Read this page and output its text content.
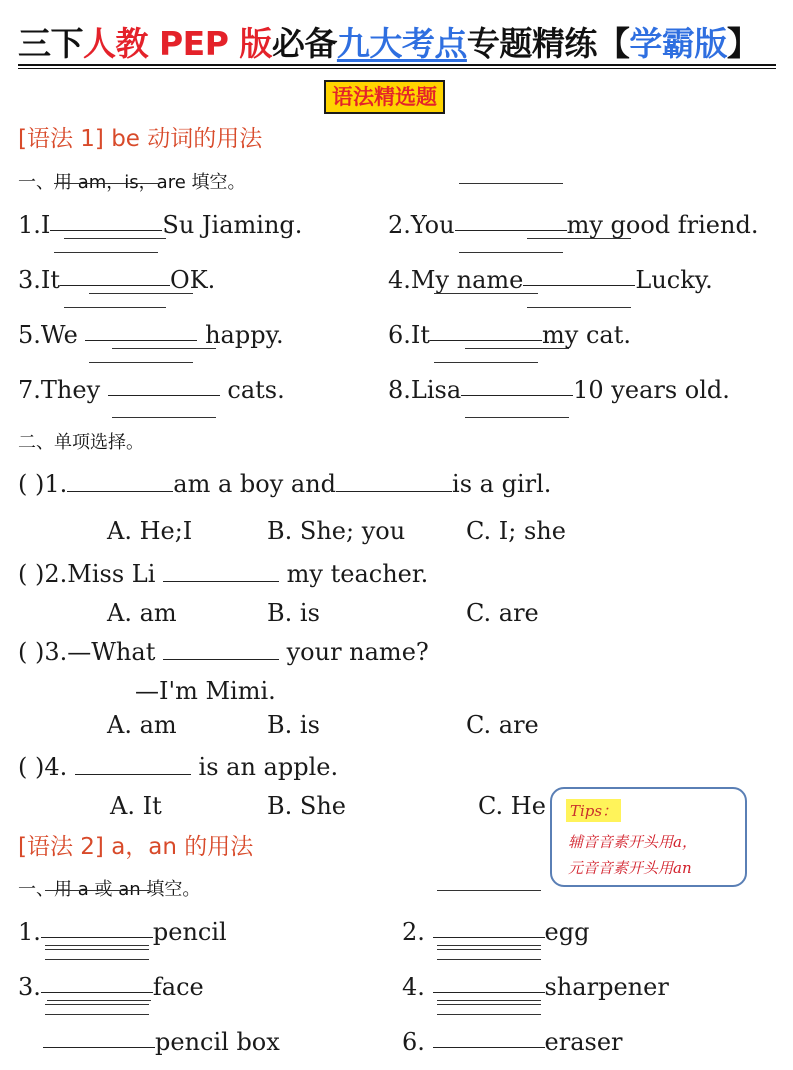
三下人教 PEP 版必备九大考点专题精练【学霸版】
语法精选题
[语法 1] be 动词的用法
一、用 am，is，are 填空。
1.I	Su Jiaming.	2.You	my good friend.
3.It	OK.	4.My name	Lucky.
5.We	happy.	6.It	my cat.
7.They	cats.	8.Lisa	10 years old.
二、单项选择。
( )1.	am a boy and	is a girl.
A. He;I	B. She; you	C. I; she
( )2.Miss Li	my teacher.
A. am	B. is	C. are
( )3.—What	your name?
—I'm Mimi.
A. am	B. is	C. are
( )4.	is an apple.
A. It	B. She	C. He Tips：
辅音音素开头用a，
元音音素开头用an
[语法 2] a，an 的用法
一、用 a 或 an 填空。
1.	pencil	2.	egg
3.	face	4.	sharpener
pencil box	6.	eraser
